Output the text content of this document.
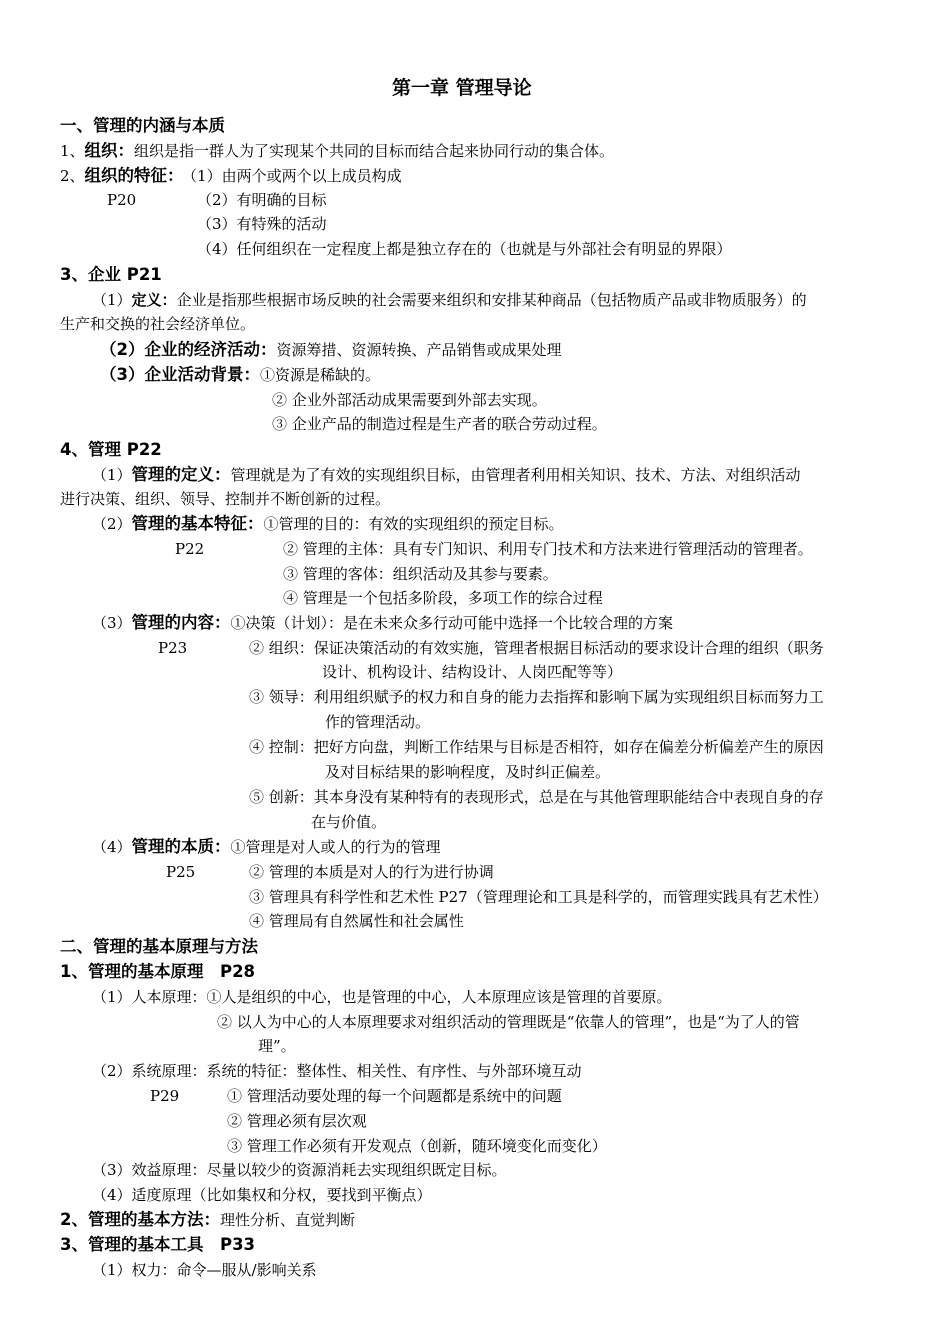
第一章 管理导论
一、管理的内涵与本质
1、组织：组织是指一群人为了实现某个共同的目标而结合起来协同行动的集合体。
2、组织的特征： （1）由两个或两个以上成员构成
P20	（2）有明确的目标
（3）有特殊的活动
（4）任何组织在一定程度上都是独立存在的（也就是与外部社会有明显的界限）
3、企业 P21
（1）定义：企业是指那些根据市场反映的社会需要来组织和安排某种商品（包括物质产品或非物质服务）的
生产和交换的社会经济单位。
（2）企业的经济活动：资源筹措、资源转换、产品销售或成果处理
（3）企业活动背景：①资源是稀缺的。
② 企业外部活动成果需要到外部去实现。
③ 企业产品的制造过程是生产者的联合劳动过程。
4、管理 P22
（1）管理的定义：管理就是为了有效的实现组织目标，由管理者利用相关知识、技术、方法、对组织活动
进行决策、组织、领导、控制并不断创新的过程。
（2）管理的基本特征：①管理的目的：有效的实现组织的预定目标。
P22	② 管理的主体：具有专门知识、利用专门技术和方法来进行管理活动的管理者。
③ 管理的客体：组织活动及其参与要素。
④ 管理是一个包括多阶段，多项工作的综合过程
（3）管理的内容：①决策（计划）：是在未来众多行动可能中选择一个比较合理的方案
P23	② 组织：保证决策活动的有效实施，管理者根据目标活动的要求设计合理的组织（职务
设计、机构设计、结构设计、人岗匹配等等）
③ 领导：利用组织赋予的权力和自身的能力去指挥和影响下属为实现组织目标而努力工
作的管理活动。
④ 控制：把好方向盘，判断工作结果与目标是否相符，如存在偏差分析偏差产生的原因
及对目标结果的影响程度，及时纠正偏差。
⑤ 创新：其本身没有某种特有的表现形式，总是在与其他管理职能结合中表现自身的存
在与价值。
（4）管理的本质：①管理是对人或人的行为的管理
P25	② 管理的本质是对人的行为进行协调
③ 管理具有科学性和艺术性 P27（管理理论和工具是科学的，而管理实践具有艺术性）
④ 管理局有自然属性和社会属性
二、管理的基本原理与方法
1、管理的基本原理　P28
（1）人本原理：①人是组织的中心，也是管理的中心，人本原理应该是管理的首要原。
② 以人为中心的人本原理要求对组织活动的管理既是“依靠人的管理”，也是“为了人的管
理”。
（2）系统原理：系统的特征：整体性、相关性、有序性、与外部环境互动
P29	① 管理活动要处理的每一个问题都是系统中的问题
② 管理必须有层次观
③ 管理工作必须有开发观点（创新，随环境变化而变化）
（3）效益原理：尽量以较少的资源消耗去实现组织既定目标。
（4）适度原理（比如集权和分权，要找到平衡点）
2、管理的基本方法：理性分析、直觉判断
3、管理的基本工具　P33
（1）权力：命令—服从/影响关系
